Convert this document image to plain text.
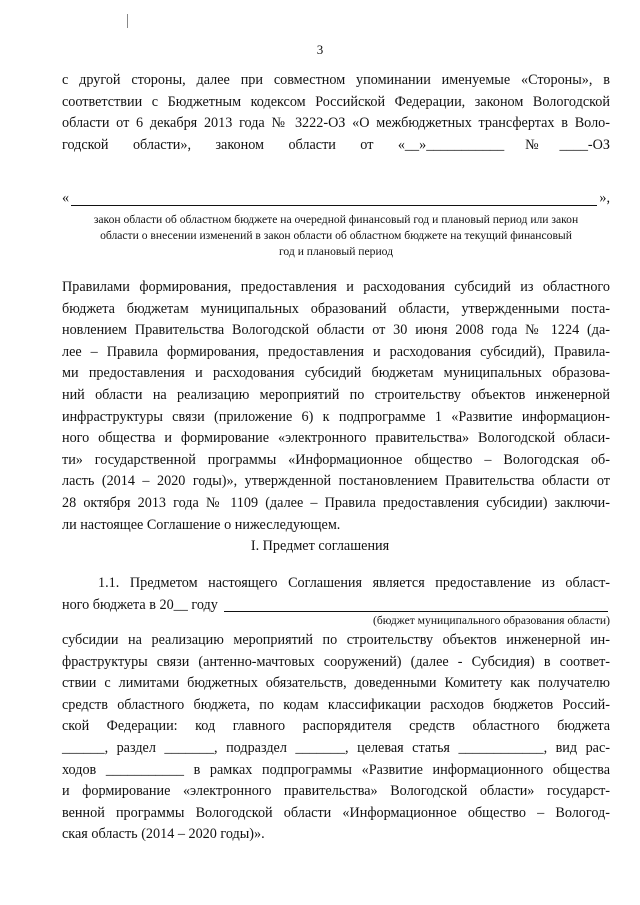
3
с другой стороны, далее при совместном упоминании именуемые «Стороны», в
соответствии с Бюджетным кодексом Российской Федерации, законом Вологодской
области от 6 декабря 2013 года № 3222-ОЗ «О межбюджетных трансфертах в Воло-
годской области», законом области от «__»___________№____-ОЗ
«	»,
закон области об областном бюджете на очередной финансовый год и плановый период или закон
области о внесении изменений в закон области об областном бюджете на текущий финансовый
год и плановый период
Правилами формирования, предоставления и расходования субсидий из областного
бюджета бюджетам муниципальных образований области, утвержденными поста-
новлением Правительства Вологодской области от 30 июня 2008 года № 1224 (да-
лее – Правила формирования, предоставления и расходования субсидий), Правила-
ми предоставления и расходования субсидий бюджетам муниципальных образова-
ний области на реализацию мероприятий по строительству объектов инженерной
инфраструктуры связи (приложение 6) к подпрограмме 1 «Развитие информацион-
ного общества и формирование «электронного правительства» Вологодской обласи-
ти» государственной программы «Информационное общество – Вологодская об-
ласть (2014 – 2020 годы)», утвержденной постановлением Правительства области от
28 октября 2013 года № 1109 (далее – Правила предоставления субсидии) заключи-
ли настоящее Соглашение о нижеследующем.
I. Предмет соглашения
1.1. Предметом настоящего Соглашения является предоставление из област-
ного бюджета в 20__ году
(бюджет муниципального образования области)
субсидии на реализацию мероприятий по строительству объектов инженерной ин-
фраструктуры связи (антенно-мачтовых сооружений) (далее - Субсидия) в соответ-
ствии с лимитами бюджетных обязательств, доведенными Комитету как получателю
средств областного бюджета, по кодам классификации расходов бюджетов Россий-
ской Федерации: код главного распорядителя средств областного бюджета
______, раздел _______, подраздел _______, целевая статья ____________, вид рас-
ходов ___________ в рамках подпрограммы «Развитие информационного общества
и формирование «электронного правительства» Вологодской области» государст-
венной программы Вологодской области «Информационное общество – Вологод-
ская область (2014 – 2020 годы)».
